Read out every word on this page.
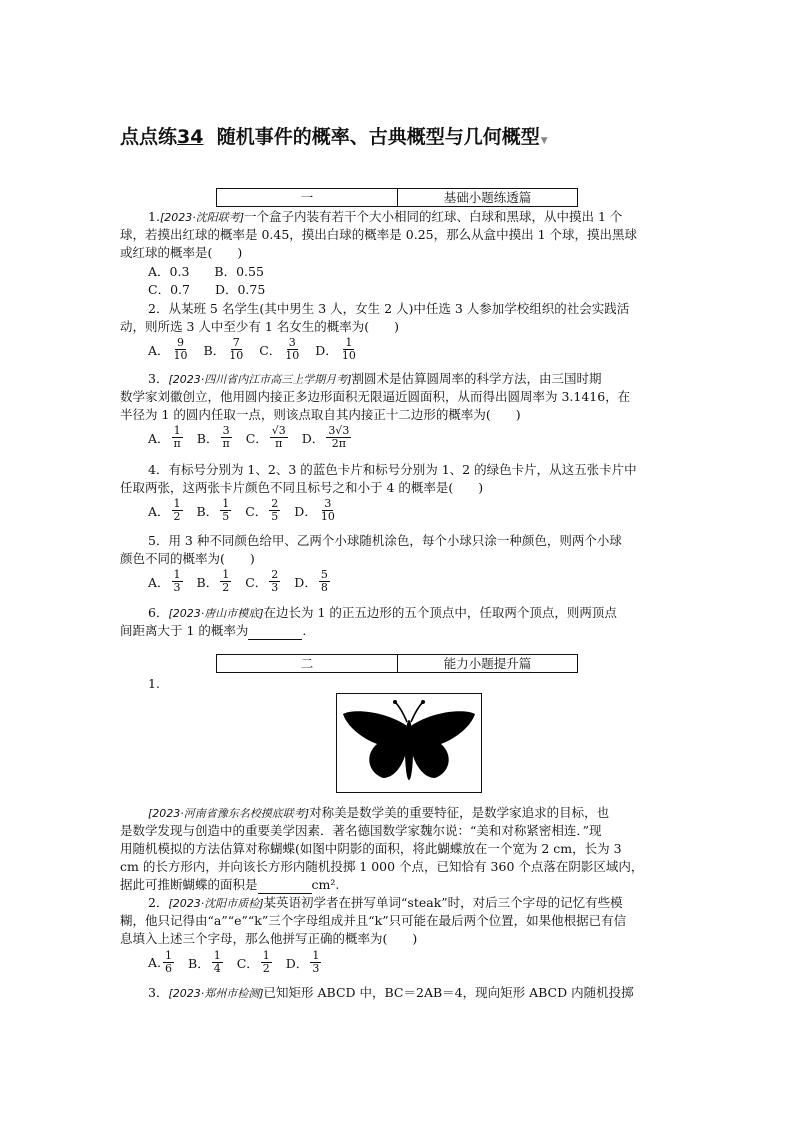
点点练34 随机事件的概率、古典概型与几何概型▼
一	基础小题练透篇
1.[2023·沈阳联考]一个盒子内装有若干个大小相同的红球、白球和黑球，从中摸出 1 个
球，若摸出红球的概率是 0.45，摸出白球的概率是 0.25，那么从盒中摸出 1 个球，摸出黑球
或红球的概率是(　　)
A．0.3　　B．0.55
C．0.7　　D．0.75
2．从某班 5 名学生(其中男生 3 人，女生 2 人)中任选 3 人参加学校组织的社会实践活
动，则所选 3 人中至少有 1 名女生的概率为(　　)
A． $\frac{9}{10}$ B． $\frac{7}{10}$ C． $\frac{3}{10}$ D． $\frac{1}{10}$
3．[2023·四川省内江市高三上学期月考]割圆术是估算圆周率的科学方法，由三国时期
数学家刘徽创立，他用圆内接正多边形面积无限逼近圆面积，从而得出圆周率为 3.1416，在
半径为 1 的圆内任取一点，则该点取自其内接正十二边形的概率为(　　)
A． $\frac{1}{\pi}$ B． $\frac{3}{\pi}$ C． $\frac{√3}{\pi}$ D． $\frac{3√3}{2\pi}$
4．有标号分别为 1、2、3 的蓝色卡片和标号分别为 1、2 的绿色卡片，从这五张卡片中
任取两张，这两张卡片颜色不同且标号之和小于 4 的概率是(　　)
A． $\frac{1}{2}$ B． $\frac{1}{5}$ C． $\frac{2}{5}$ D． $\frac{3}{10}$
5．用 3 种不同颜色给甲、乙两个小球随机涂色，每个小球只涂一种颜色，则两个小球
颜色不同的概率为(　　)
A． $\frac{1}{3}$ B． $\frac{1}{2}$ C． $\frac{2}{3}$ D． $\frac{5}{8}$
6．[2023·唐山市模底]在边长为 1 的正五边形的五个顶点中，任取两个顶点，则两顶点
间距离大于 1 的概率为	.
二	能力小题提升篇
1.
[2023·河南省豫东名校摸底联考]对称美是数学美的重要特征，是数学家追求的目标，也
是数学发现与创造中的重要美学因素．著名德国数学家魏尔说：“美和对称紧密相连．”现
用随机模拟的方法估算对称蝴蝶(如图中阴影的面积，将此蝴蝶放在一个宽为 2 cm，长为 3
cm 的长方形内，并向该长方形内随机投掷 1 000 个点，已知恰有 360 个点落在阴影区域内，
据此可推断蝴蝶的面积是	cm².
2．[2023·沈阳市质检]某英语初学者在拼写单词“steak”时，对后三个字母的记忆有些模
糊，他只记得由“a”“e”“k”三个字母组成并且“k”只可能在最后两个位置，如果他根据已有信
息填入上述三个字母，那么他拼写正确的概率为(　　)
A. $\frac{1}{6}$ B． $\frac{1}{4}$ C． $\frac{1}{2}$ D． $\frac{1}{3}$
3．[2023·郑州市检测]已知矩形 ABCD 中，BC＝2AB＝4，现向矩形 ABCD 内随机投掷
